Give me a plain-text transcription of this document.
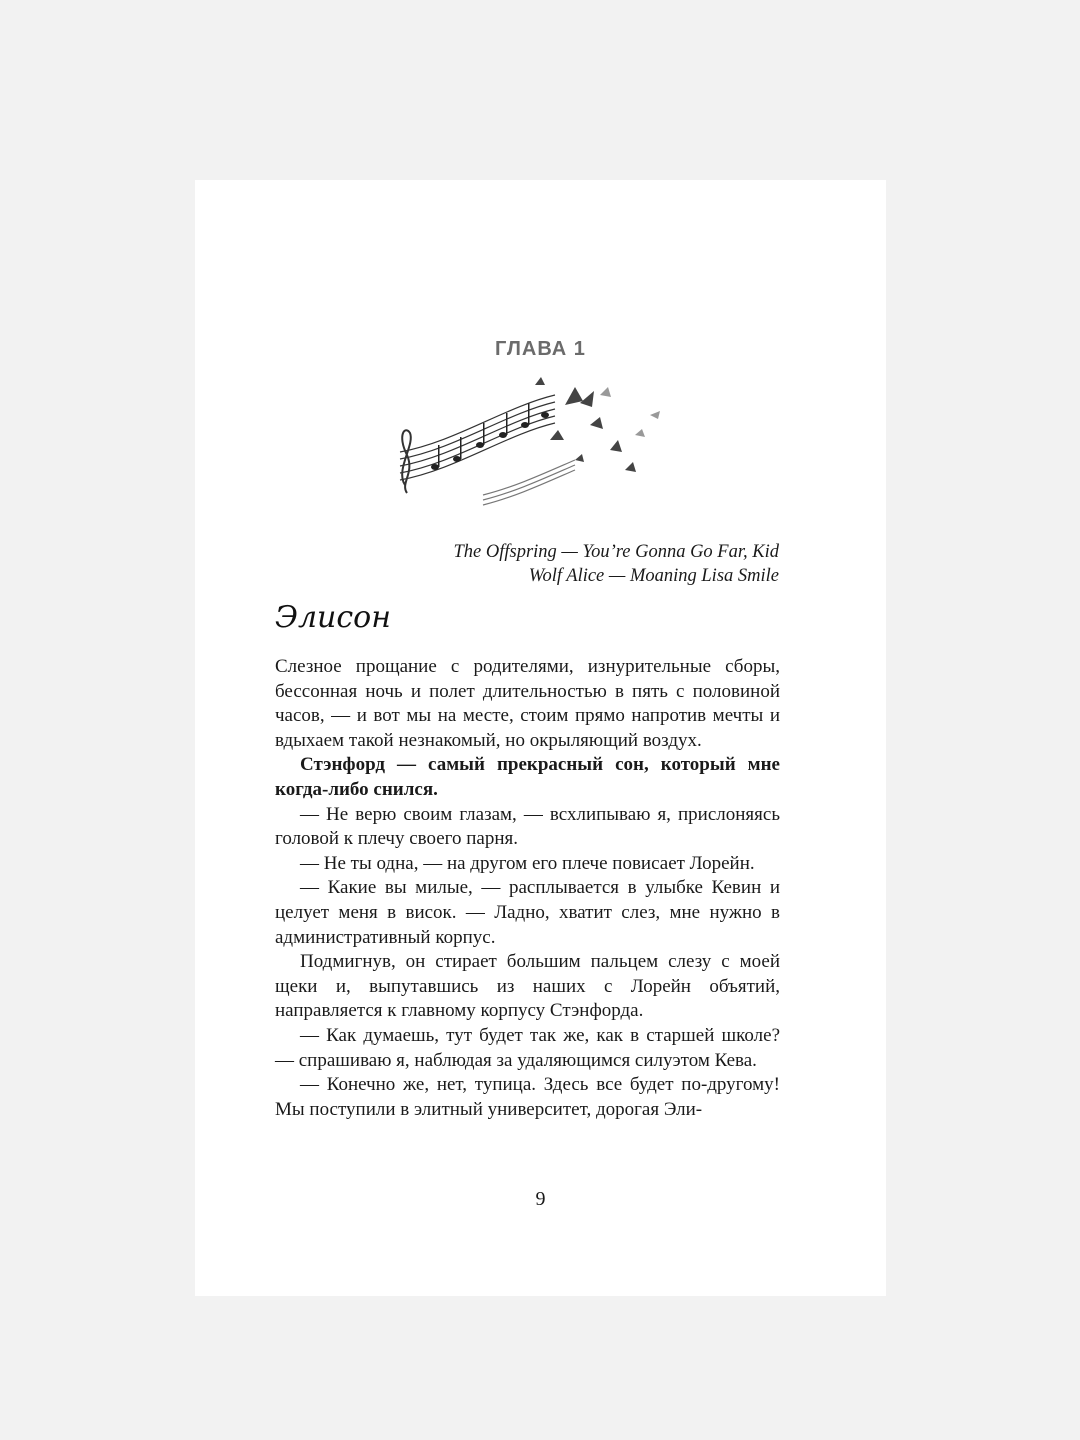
ГЛАВА 1
The Offspring — You’re Gonna Go Far, Kid
Wolf Alice — Moaning Lisa Smile
Элисон

Слезное прощание с родителями, изнурительные сборы, бессонная ночь и полет длительностью в пять с половиной часов, — и вот мы на месте, стоим прямо напротив мечты и вдыхаем такой незнакомый, но окрыляющий воздух.

Стэнфорд — самый прекрасный сон, который мне когда-либо снился.

— Не верю своим глазам, — всхлипываю я, прислоняясь головой к плечу своего парня.

— Не ты одна, — на другом его плече повисает Лорейн.

— Какие вы милые, — расплывается в улыбке Кевин и целует меня в висок. — Ладно, хватит слез, мне нужно в административный корпус.

Подмигнув, он стирает большим пальцем слезу с моей щеки и, выпутавшись из наших с Лорейн объятий, направляется к главному корпусу Стэнфорда.

— Как думаешь, тут будет так же, как в старшей школе? — спрашиваю я, наблюдая за удаляющимся силуэтом Кева.

— Конечно же, нет, тупица. Здесь все будет по-другому! Мы поступили в элитный университет, дорогая Эли-

9
